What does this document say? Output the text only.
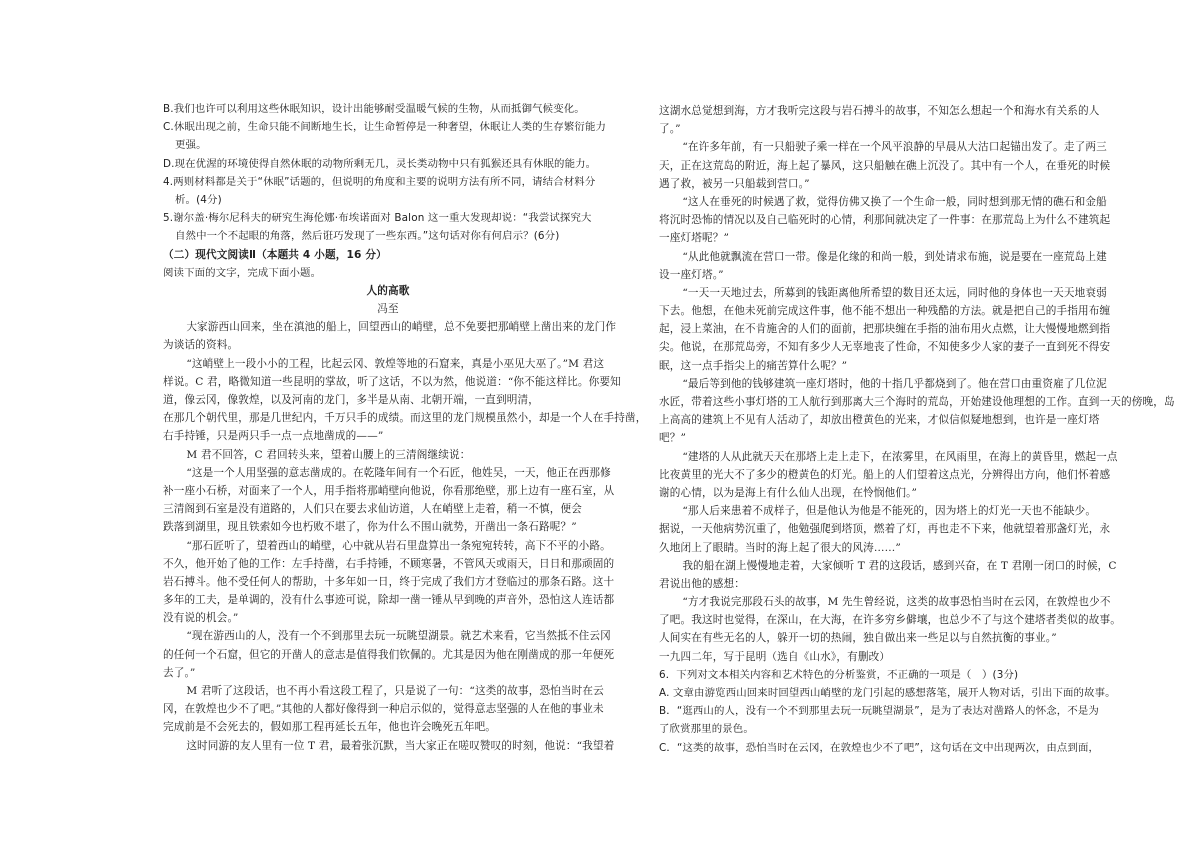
B.我们也许可以利用这些休眠知识，设计出能够耐受温暖气候的生物，从而抵御气候变化。
C.休眠出现之前，生命只能不间断地生长，让生命暂停是一种奢望，休眠让人类的生存繁衍能力
更强。
D.现在优渥的环境使得自然休眠的动物所剩无几，灵长类动物中只有狐猴还具有休眠的能力。
4.两则材料都是关于“休眠”话题的，但说明的角度和主要的说明方法有所不同，请结合材料分
析。(4分)
5.谢尔盖·梅尔尼科夫的研究生海伦娜·布埃诺面对 Balon 这一重大发现却说：“我尝试探究大
自然中一个不起眼的角落，然后诳巧发现了一些东西。”这句话对你有何启示？(6分)
（二）现代文阅读Ⅱ（本题共 4 小题，16 分）
阅读下面的文字，完成下面小题。
人的高歌
冯至
大家游西山回来，坐在滇池的船上，回望西山的峭壁，总不免要把那峭壁上凿出来的龙门作
为谈话的资料。
“这峭壁上一段小小的工程，比起云冈、敦煌等地的石窟来，真是小巫见大巫了。”M 君这
样说。C 君，略微知道一些昆明的掌故，听了这话，不以为然，他说道：“你不能这样比。你要知
道，像云冈，像敦煌，以及河南的龙门，多半是从南、北朝开端，一直到明清，
在那几个朝代里，那是几世纪内，千万只手的成绩。而这里的龙门规模虽然小，却是一个人在手持凿，
右手持锤，只是两只手一点一点地凿成的——”
M 君不回答，C 君回转头来，望着山腰上的三清阁继续说：
“这是一个人用坚强的意志凿成的。在乾隆年间有一个石匠，他姓吴，一天，他正在西那修
补一座小石桥，对面来了一个人，用手指将那峭壁向他说，你看那绝壁，那上边有一座石室，从
三清阁到石室是没有道路的，人们只在要去求仙访道，人在峭壁上走着，稍一不慎，便会
跌落到湖里，现且铁索如今也朽败不堪了，你为什么不围山就势，开凿出一条石路呢？”
“那石匠听了，望着西山的峭壁，心中就从岩石里盘算出一条宛宛转转，高下不平的小路。
不久，他开始了他的工作：左手持凿，右手持锤，不顾寒暑，不管风天或雨天，日日和那顽固的
岩石搏斗。他不受任何人的帮助，十多年如一日，终于完成了我们方才登临过的那条石路。这十
多年的工夫，是单调的，没有什么事迹可说，除却一凿一锤从早到晚的声音外，恐怕这人连话都
没有说的机会。”
“现在游西山的人，没有一个不到那里去玩一玩眺望湖景。就艺术来看，它当然抵不住云冈
的任何一个石窟，但它的开凿人的意志是值得我们钦佩的。尤其是因为他在刚凿成的那一年便死
去了。”
M 君听了这段话，也不再小看这段工程了，只是说了一句：“这类的故事，恐怕当时在云
冈，在敦煌也少不了吧。”其他的人都好像得到一种启示似的，觉得意志坚强的人在他的事业未
完成前是不会死去的，假如那工程再延长五年，他也许会晚死五年吧。
这时同游的友人里有一位 T 君，最着张沉默，当大家正在嗟叹赞叹的时刻，他说：“我望着
这湖水总觉想到海，方才我听完这段与岩石搏斗的故事，不知怎么想起一个和海水有关系的人
了。”
“在许多年前，有一只船驶子乘一样在一个风平浪静的早晨从大沽口起锚出发了。走了两三
天，正在这荒岛的附近，海上起了暴风，这只船触在礁上沉没了。其中有一个人，在垂死的时候
遇了救，被另一只船载到营口。”
“这人在垂死的时候遇了救，觉得仿佛又换了一个生命一般，同时想到那无情的礁石和金船
将沉时恐怖的情况以及自己临死时的心情，利那间就决定了一件事：在那荒岛上为什么不建筑起
一座灯塔呢？”
“从此他就飘流在营口一带。像是化缘的和尚一般，到处请求布施，说是要在一座荒岛上建
设一座灯塔。”
“一天一天地过去，所募到的钱距离他所希望的数目还太远，同时他的身体也一天天地衰弱
下去。他想，在他未死前完成这件事，他不能不想出一种残酷的方法。就是把自己的手指用布缠
起，浸上菜油，在不肯施舍的人们的面前，把那块缠在手指的油布用火点燃，让大慢慢地燃到指
尖。他说，在那荒岛旁，不知有多少人无辜地丧了性命，不知使多少人家的妻子一直到死不得安
眠，这一点手指尖上的痛苦算什么呢？”
“最后等到他的钱够建筑一座灯塔时，他的十指几乎都烧到了。他在营口由重资雇了几位泥
水匠，带着这些小事灯塔的工人航行到那离大三个海时的荒岛，开始建设他理想的工作。直到一天的傍晚，岛
上高高的建筑上不见有人活动了，却放出橙黄色的光来，才似信似疑地想到，也许是一座灯塔
吧？”
“建塔的人从此就天天在那塔上走上走下，在浓雾里，在风雨里，在海上的黄昏里，燃起一点
比夜黄里的光大不了多少的橙黄色的灯光。船上的人们望着这点光，分辨得出方向，他们怀着感
谢的心情，以为是海上有什么仙人出现，在怜悯他们。”
“那人后来患着不成样子，但是他认为他是不能死的，因为塔上的灯光一天也不能缺少。
据说，一天他病势沉重了，他勉强爬到塔顶，燃着了灯，再也走不下来，他就望着那盏灯光，永
久地闭上了眼睛。当时的海上起了很大的风涛……”
我的船在湖上慢慢地走着，大家倾听 T 君的这段话，感到兴奋，在 T 君刚一闭口的时候，C
君说出他的感想：
“方才我说完那段石头的故事，M 先生曾经说，这类的故事恐怕当时在云冈，在敦煌也少不
了吧。我这时也觉得，在深山，在大海，在许多穷乡僻壤，也总少不了与这个建塔者类似的故事。
人间实在有些无名的人，躲开一切的热闹，独自做出来一些足以与自然抗衡的事业。”
一九四二年，写于昆明（选自《山水》，有删改）
6．下列对文本相关内容和艺术特色的分析鉴赏，不正确的一项是（　）(3分)
A. 文章由游览西山回来时回望西山峭壁的龙门引起的感想落笔，展开人物对话，引出下面的故事。
B．“逛西山的人，没有一个不到那里去玩一玩眺望湖景”，是为了表达对凿路人的怀念，不是为
了欣赏那里的景色。
C．“这类的故事，恐怕当时在云冈，在敦煌也少不了吧”，这句话在文中出现两次，由点到面，
